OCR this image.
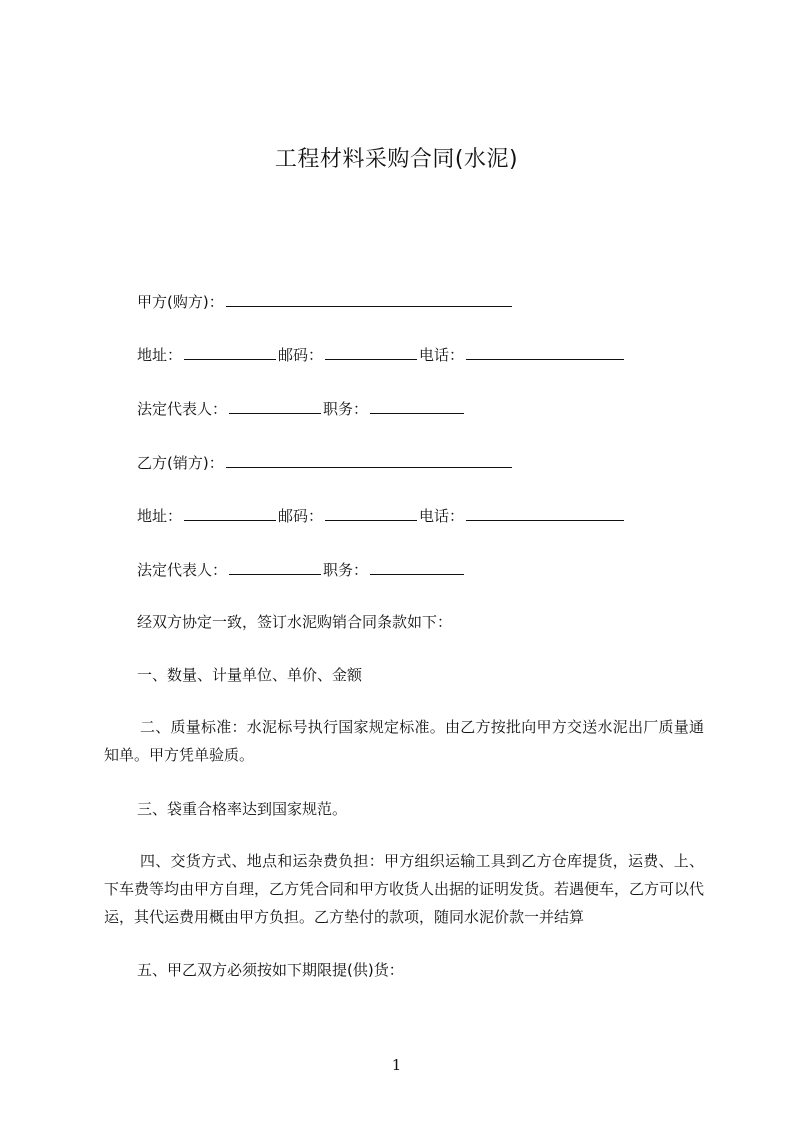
工程材料采购合同(水泥)
甲方(购方)：
地址：	邮码：	电话：
法定代表人：	职务：
乙方(销方)：
地址：	邮码：	电话：
法定代表人：	职务：
经双方协定一致，签订水泥购销合同条款如下：
一、数量、计量单位、单价、金额
二、质量标准：水泥标号执行国家规定标准。由乙方按批向甲方交送水泥出厂质量通知单。甲方凭单验质。
三、袋重合格率达到国家规范。
四、交货方式、地点和运杂费负担：甲方组织运输工具到乙方仓库提货，运费、上、下车费等均由甲方自理，乙方凭合同和甲方收货人出据的证明发货。若遇便车，乙方可以代运，其代运费用概由甲方负担。乙方垫付的款项，随同水泥价款一并结算
五、甲乙双方必须按如下期限提(供)货：
1
